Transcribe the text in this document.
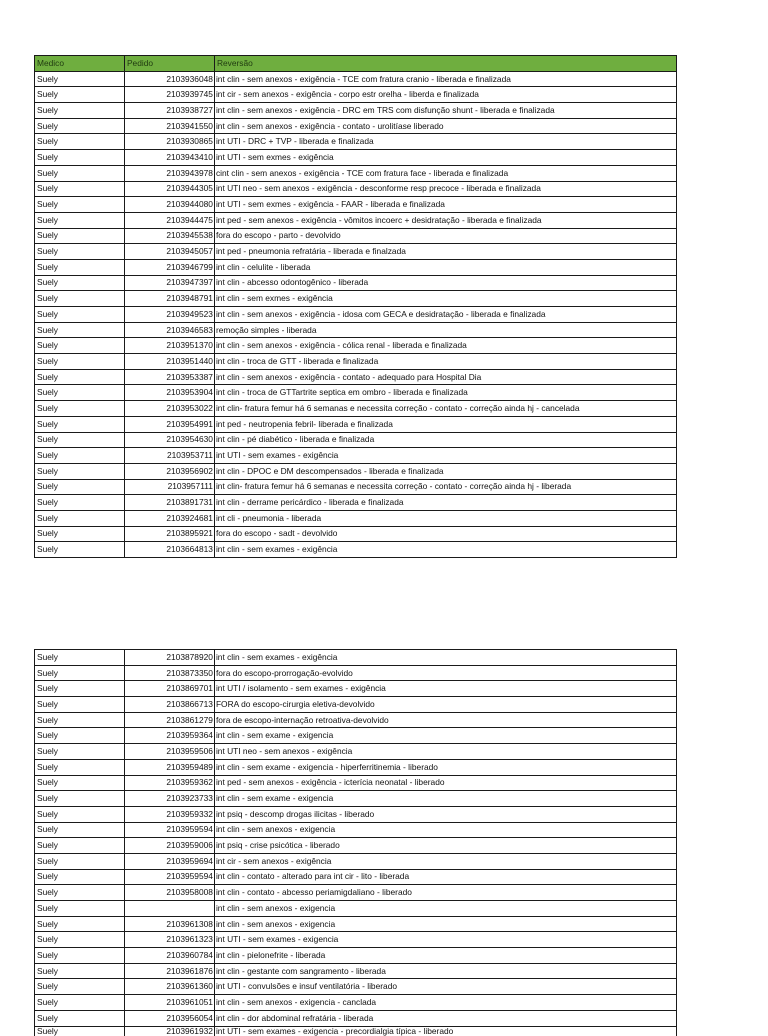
Medico	Pedido	Reversão
Suely	2103936048	int clin - sem anexos - exigência - TCE com fratura cranio - liberada e finalizada
Suely	2103939745	int cir - sem anexos - exigência - corpo estr orelha - liberda e finalizada
Suely	2103938727	int clin - sem anexos - exigência - DRC em TRS com disfunção shunt - liberada e finalizada
Suely	2103941550	int clin - sem anexos - exigência - contato - urolitíase liberado
Suely	2103930865	int UTI - DRC + TVP - liberada e finalizada
Suely	2103943410	int UTI - sem exmes - exigência
Suely	2103943978	cint clin - sem anexos - exigência - TCE com fratura face - liberada e finalizada
Suely	2103944305	int UTI neo - sem anexos - exigência - desconforme resp precoce - liberada e finalizada
Suely	2103944080	int UTI - sem exmes - exigência - FAAR - liberada e finalizada
Suely	2103944475	int ped - sem anexos - exigência - vômitos incoerc + desidratação - liberada e finalizada
Suely	2103945538	fora do escopo - parto - devolvido
Suely	2103945057	int ped - pneumonia refratária - liberada e finalzada
Suely	2103946799	int clin - celulite - liberada
Suely	2103947397	int clin - abcesso odontogênico - liberada
Suely	2103948791	int clin - sem exmes - exigência
Suely	2103949523	int clin - sem anexos - exigência - idosa com GECA e desidratação - liberada e finalizada
Suely	2103946583	remoção simples - liberada
Suely	2103951370	int clin - sem anexos - exigência - cólica renal - liberada e finalizada
Suely	2103951440	int clin - troca de GTT - liberada e finalizada
Suely	2103953387	int clin - sem anexos - exigência - contato - adequado para Hospital Dia
Suely	2103953904	int clin - troca de GTTartrite septica em ombro - liberada e finalizada
Suely	2103953022	int clin- fratura femur há 6 semanas e necessita correção - contato - correção ainda hj - cancelada
Suely	2103954991	int ped - neutropenia febril- liberada e finalizada
Suely	2103954630	int clin - pé diabético - liberada e finalizada
Suely	2103953711	int UTI - sem exames - exigência
Suely	2103956902	int clin - DPOC e DM descompensados - liberada e finalizada
Suely	2103957111	int clin- fratura femur há 6 semanas e necessita correção - contato - correção ainda hj - liberada
Suely	2103891731	int clin - derrame pericárdico - liberada e finalizada
Suely	2103924681	int cli - pneumonia - liberada
Suely	2103895921	fora do escopo - sadt - devolvido
Suely	2103664813	int clin - sem exames - exigência
Suely	2103878920	int clin - sem exames - exigência
Suely	2103873350	fora do escopo-prorrogação-evolvido
Suely	2103869701	int UTI / isolamento - sem exames - exigência
Suely	2103866713	FORA do escopo-cirurgia eletiva-devolvido
Suely	2103861279	fora de escopo-internação retroativa-devolvido
Suely	2103959364	int clin - sem exame - exigencia
Suely	2103959506	int UTI neo - sem anexos - exigência
Suely	2103959489	int clin - sem exame - exigencia - hiperferritinemia - liberado
Suely	2103959362	int ped - sem anexos - exigência - icterícia neonatal - liberado
Suely	2103923733	int clin - sem exame - exigencia
Suely	2103959332	int psiq - descomp drogas ilicitas - liberado
Suely	2103959594	int clin - sem anexos - exigencia
Suely	2103959006	int psiq - crise psicótica - liberado
Suely	2103959694	int cir - sem anexos - exigência
Suely	2103959594	int clin - contato - alterado para int cir - lito - liberada
Suely	2103958008	int clin - contato - abcesso periamigdaliano - liberado
Suely		int clin - sem anexos - exigencia
Suely	2103961308	int clin - sem anexos - exigencia
Suely	2103961323	int UTI - sem exames - exigencia
Suely	2103960784	int clin - pielonefrite - liberada
Suely	2103961876	int clin - gestante com sangramento - liberada
Suely	2103961360	int UTI - convulsões e insuf ventilatória - liberado
Suely	2103961051	int clin - sem anexos - exigencia - canclada
Suely	2103956054	int clin - dor abdominal refratária - liberada
Suely	2103961932	int UTI - sem exames - exigencia - precordialgia típica - liberado
